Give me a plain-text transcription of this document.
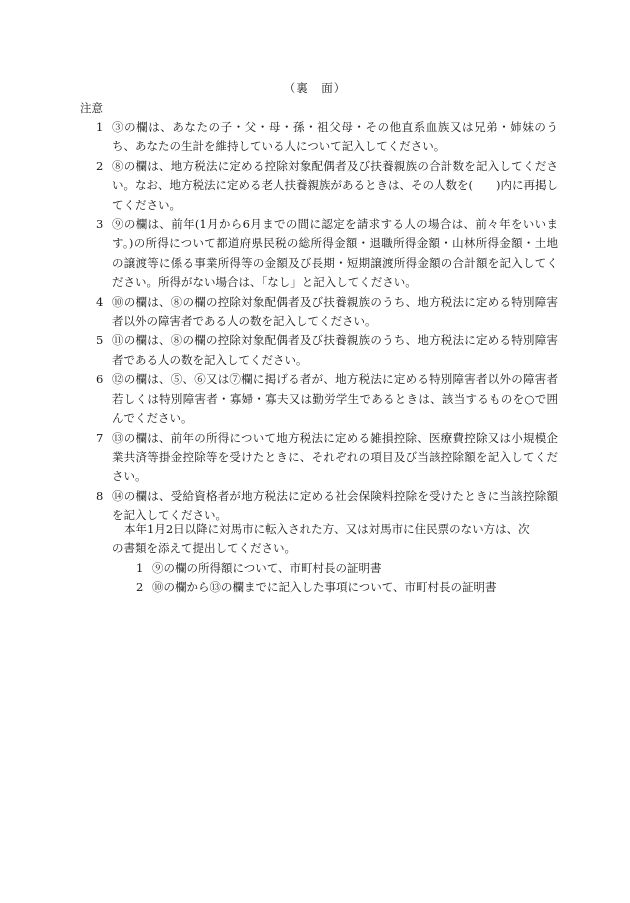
（裏　面）
注意
1 ③の欄は、あなたの子・父・母・孫・祖父母・その他直系血族又は兄弟・姉妹のうち、あなたの生計を維持している人について記入してください。
2 ⑧の欄は、地方税法に定める控除対象配偶者及び扶養親族の合計数を記入してください。なお、地方税法に定める老人扶養親族があるときは、その人数を(　　)内に再掲してください。
3 ⑨の欄は、前年(1月から6月までの間に認定を請求する人の場合は、前々年をいいます。)の所得について都道府県民税の総所得金額・退職所得金額・山林所得金額・土地の譲渡等に係る事業所得等の金額及び長期・短期譲渡所得金額の合計額を記入してください。所得がない場合は、「なし」と記入してください。
4 ⑩の欄は、⑧の欄の控除対象配偶者及び扶養親族のうち、地方税法に定める特別障害者以外の障害者である人の数を記入してください。
5 ⑪の欄は、⑧の欄の控除対象配偶者及び扶養親族のうち、地方税法に定める特別障害者である人の数を記入してください。
6 ⑫の欄は、⑤、⑥又は⑦欄に掲げる者が、地方税法に定める特別障害者以外の障害者若しくは特別障害者・寡婦・寡夫又は勤労学生であるときは、該当するものを○で囲んでください。
7 ⑬の欄は、前年の所得について地方税法に定める雑損控除、医療費控除又は小規模企業共済等掛金控除等を受けたときに、それぞれの項目及び当該控除額を記入してください。
8 ⑭の欄は、受給資格者が地方税法に定める社会保険料控除を受けたときに当該控除額を記入してください。
本年1月2日以降に対馬市に転入された方、又は対馬市に住民票のない方は、次の書類を添えて提出してください。
1 ⑨の欄の所得額について、市町村長の証明書
2 ⑩の欄から⑬の欄までに記入した事項について、市町村長の証明書
